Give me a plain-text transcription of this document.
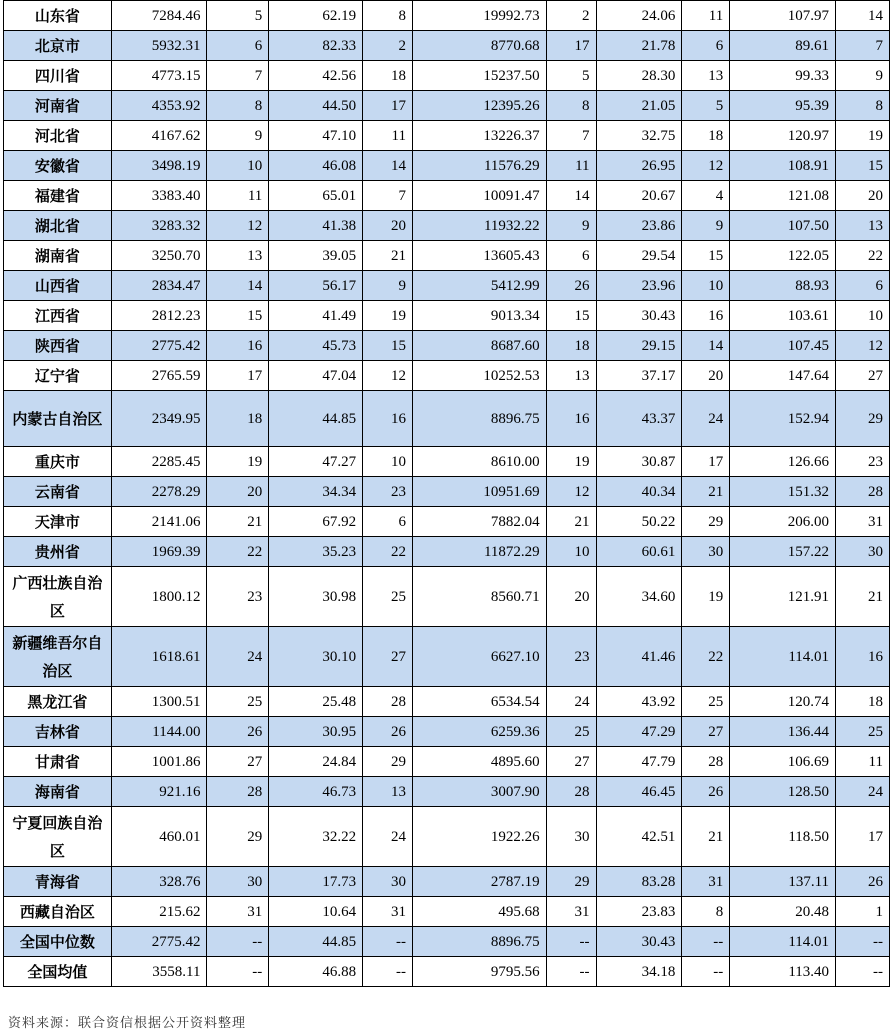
山东省	7284.46	5	62.19	8	19992.73	2	24.06	11	107.97	14
北京市	5932.31	6	82.33	2	8770.68	17	21.78	6	89.61	7
四川省	4773.15	7	42.56	18	15237.50	5	28.30	13	99.33	9
河南省	4353.92	8	44.50	17	12395.26	8	21.05	5	95.39	8
河北省	4167.62	9	47.10	11	13226.37	7	32.75	18	120.97	19
安徽省	3498.19	10	46.08	14	11576.29	11	26.95	12	108.91	15
福建省	3383.40	11	65.01	7	10091.47	14	20.67	4	121.08	20
湖北省	3283.32	12	41.38	20	11932.22	9	23.86	9	107.50	13
湖南省	3250.70	13	39.05	21	13605.43	6	29.54	15	122.05	22
山西省	2834.47	14	56.17	9	5412.99	26	23.96	10	88.93	6
江西省	2812.23	15	41.49	19	9013.34	15	30.43	16	103.61	10
陕西省	2775.42	16	45.73	15	8687.60	18	29.15	14	107.45	12
辽宁省	2765.59	17	47.04	12	10252.53	13	37.17	20	147.64	27
内蒙古自治区	2349.95	18	44.85	16	8896.75	16	43.37	24	152.94	29
重庆市	2285.45	19	47.27	10	8610.00	19	30.87	17	126.66	23
云南省	2278.29	20	34.34	23	10951.69	12	40.34	21	151.32	28
天津市	2141.06	21	67.92	6	7882.04	21	50.22	29	206.00	31
贵州省	1969.39	22	35.23	22	11872.29	10	60.61	30	157.22	30
广西壮族自治区	1800.12	23	30.98	25	8560.71	20	34.60	19	121.91	21
新疆维吾尔自治区	1618.61	24	30.10	27	6627.10	23	41.46	22	114.01	16
黑龙江省	1300.51	25	25.48	28	6534.54	24	43.92	25	120.74	18
吉林省	1144.00	26	30.95	26	6259.36	25	47.29	27	136.44	25
甘肃省	1001.86	27	24.84	29	4895.60	27	47.79	28	106.69	11
海南省	921.16	28	46.73	13	3007.90	28	46.45	26	128.50	24
宁夏回族自治区	460.01	29	32.22	24	1922.26	30	42.51	21	118.50	17
青海省	328.76	30	17.73	30	2787.19	29	83.28	31	137.11	26
西藏自治区	215.62	31	10.64	31	495.68	31	23.83	8	20.48	1
全国中位数	2775.42	--	44.85	--	8896.75	--	30.43	--	114.01	--
全国均值	3558.11	--	46.88	--	9795.56	--	34.18	--	113.40	--
资料来源：联合资信根据公开资料整理
